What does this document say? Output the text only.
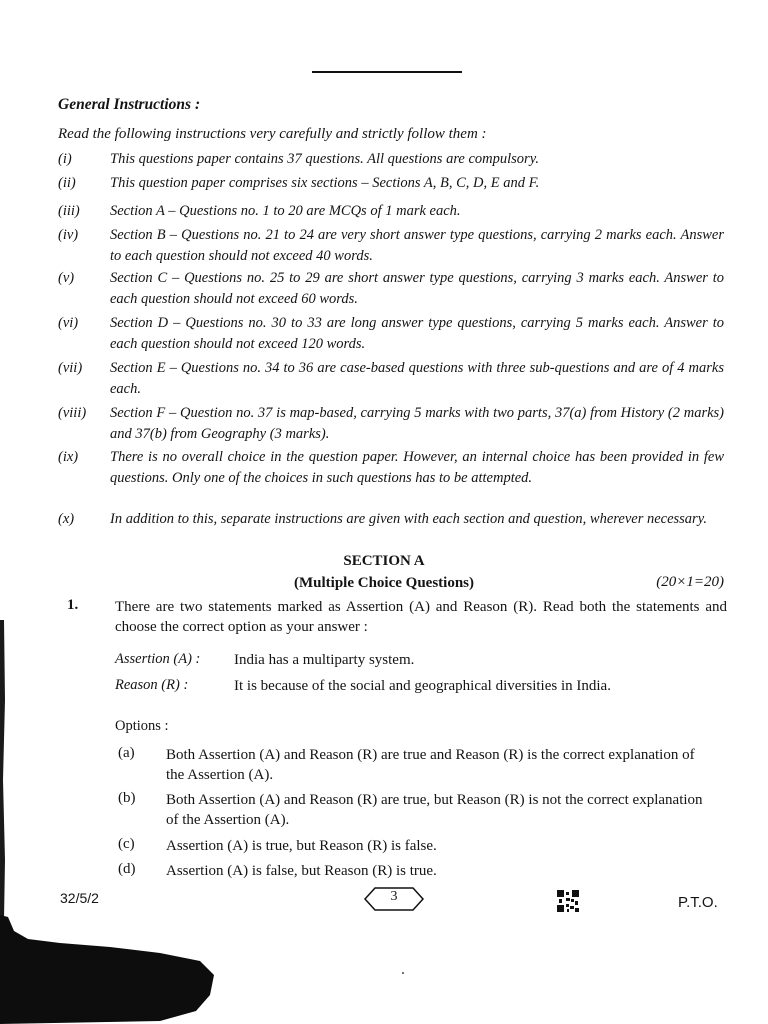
General Instructions :
Read the following instructions very carefully and strictly follow them :
(i)	This questions paper contains 37 questions. All questions are compulsory.
(ii)	This question paper comprises six sections – Sections A, B, C, D, E and F.
(iii)	Section A – Questions no. 1 to 20 are MCQs of 1 mark each.
(iv)	Section B – Questions no. 21 to 24 are very short answer type questions, carrying 2 marks each. Answer to each question should not exceed 40 words.
(v)	Section C – Questions no. 25 to 29 are short answer type questions, carrying 3 marks each. Answer to each question should not exceed 60 words.
(vi)	Section D – Questions no. 30 to 33 are long answer type questions, carrying 5 marks each. Answer to each question should not exceed 120 words.
(vii)	Section E – Questions no. 34 to 36 are case-based questions with three sub-questions and are of 4 marks each.
(viii)	Section F – Question no. 37 is map-based, carrying 5 marks with two parts, 37(a) from History (2 marks) and 37(b) from Geography (3 marks).
(ix)	There is no overall choice in the question paper. However, an internal choice has been provided in few questions. Only one of the choices in such questions has to be attempted.
(x)	In addition to this, separate instructions are given with each section and question, wherever necessary.
SECTION A
(Multiple Choice Questions)	(20×1=20)
1. There are two statements marked as Assertion (A) and Reason (R). Read both the statements and choose the correct option as your answer :
Assertion (A) : India has a multiparty system.
Reason (R) :	It is because of the social and geographical diversities in India.
Options :
(a) Both Assertion (A) and Reason (R) are true and Reason (R) is the correct explanation of the Assertion (A).
(b) Both Assertion (A) and Reason (R) are true, but Reason (R) is not the correct explanation of the Assertion (A).
(c) Assertion (A) is true, but Reason (R) is false.
(d) Assertion (A) is false, but Reason (R) is true.
32/5/2	3	P.T.O.
